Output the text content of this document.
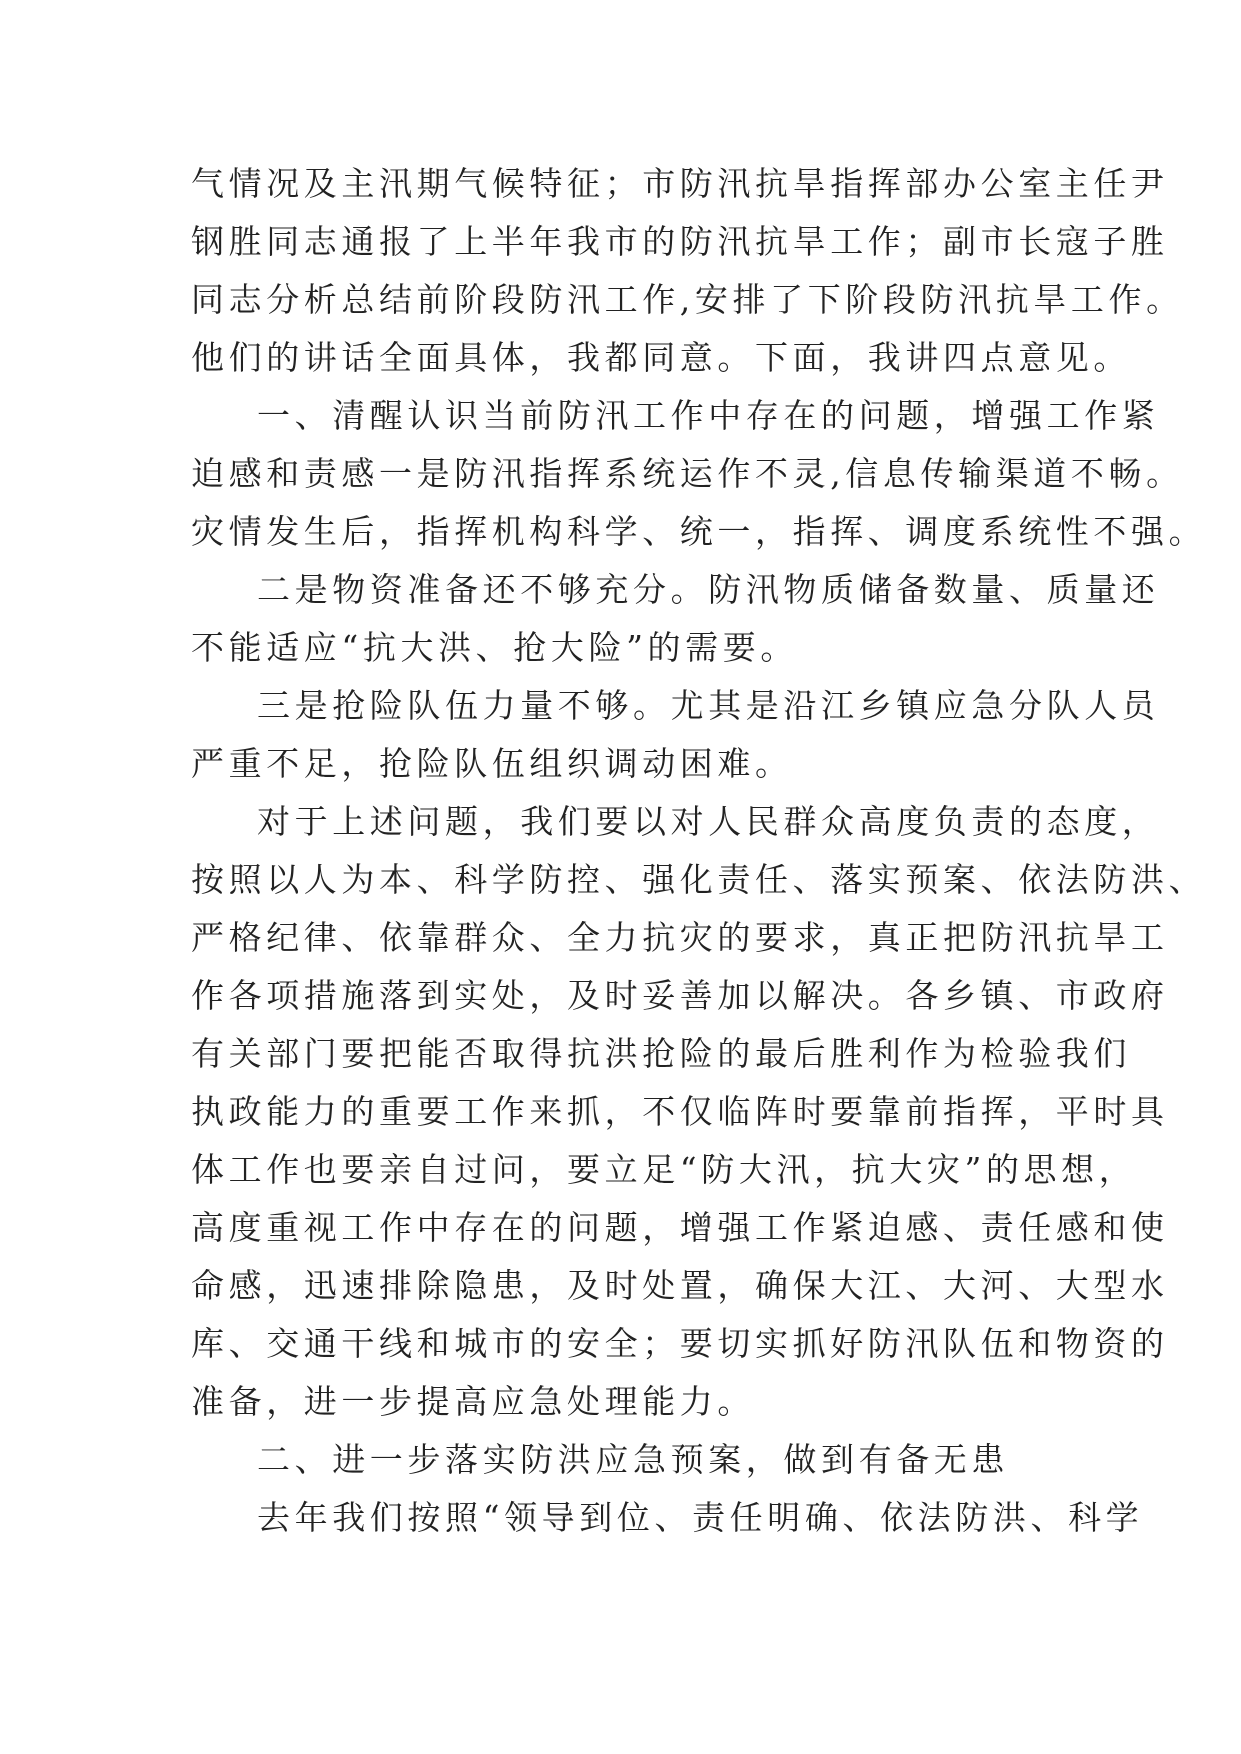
气情况及主汛期气候特征；市防汛抗旱指挥部办公室主任尹
钢胜同志通报了上半年我市的防汛抗旱工作；副市长寇子胜
同志分析总结前阶段防汛工作,安排了下阶段防汛抗旱工作。
他们的讲话全面具体，我都同意。下面，我讲四点意见。
一、清醒认识当前防汛工作中存在的问题，增强工作紧
迫感和责感一是防汛指挥系统运作不灵,信息传输渠道不畅。
灾情发生后，指挥机构科学、统一，指挥、调度系统性不强。
二是物资准备还不够充分。防汛物质储备数量、质量还
不能适应“抗大洪、抢大险”的需要。
三是抢险队伍力量不够。尤其是沿江乡镇应急分队人员
严重不足，抢险队伍组织调动困难。
对于上述问题，我们要以对人民群众高度负责的态度，
按照以人为本、科学防控、强化责任、落实预案、依法防洪、
严格纪律、依靠群众、全力抗灾的要求，真正把防汛抗旱工
作各项措施落到实处，及时妥善加以解决。各乡镇、市政府
有关部门要把能否取得抗洪抢险的最后胜利作为检验我们
执政能力的重要工作来抓，不仅临阵时要靠前指挥，平时具
体工作也要亲自过问，要立足“防大汛，抗大灾”的思想，
高度重视工作中存在的问题，增强工作紧迫感、责任感和使
命感，迅速排除隐患，及时处置，确保大江、大河、大型水
库、交通干线和城市的安全；要切实抓好防汛队伍和物资的
准备，进一步提高应急处理能力。
二、进一步落实防洪应急预案，做到有备无患
去年我们按照“领导到位、责任明确、依法防洪、科学
